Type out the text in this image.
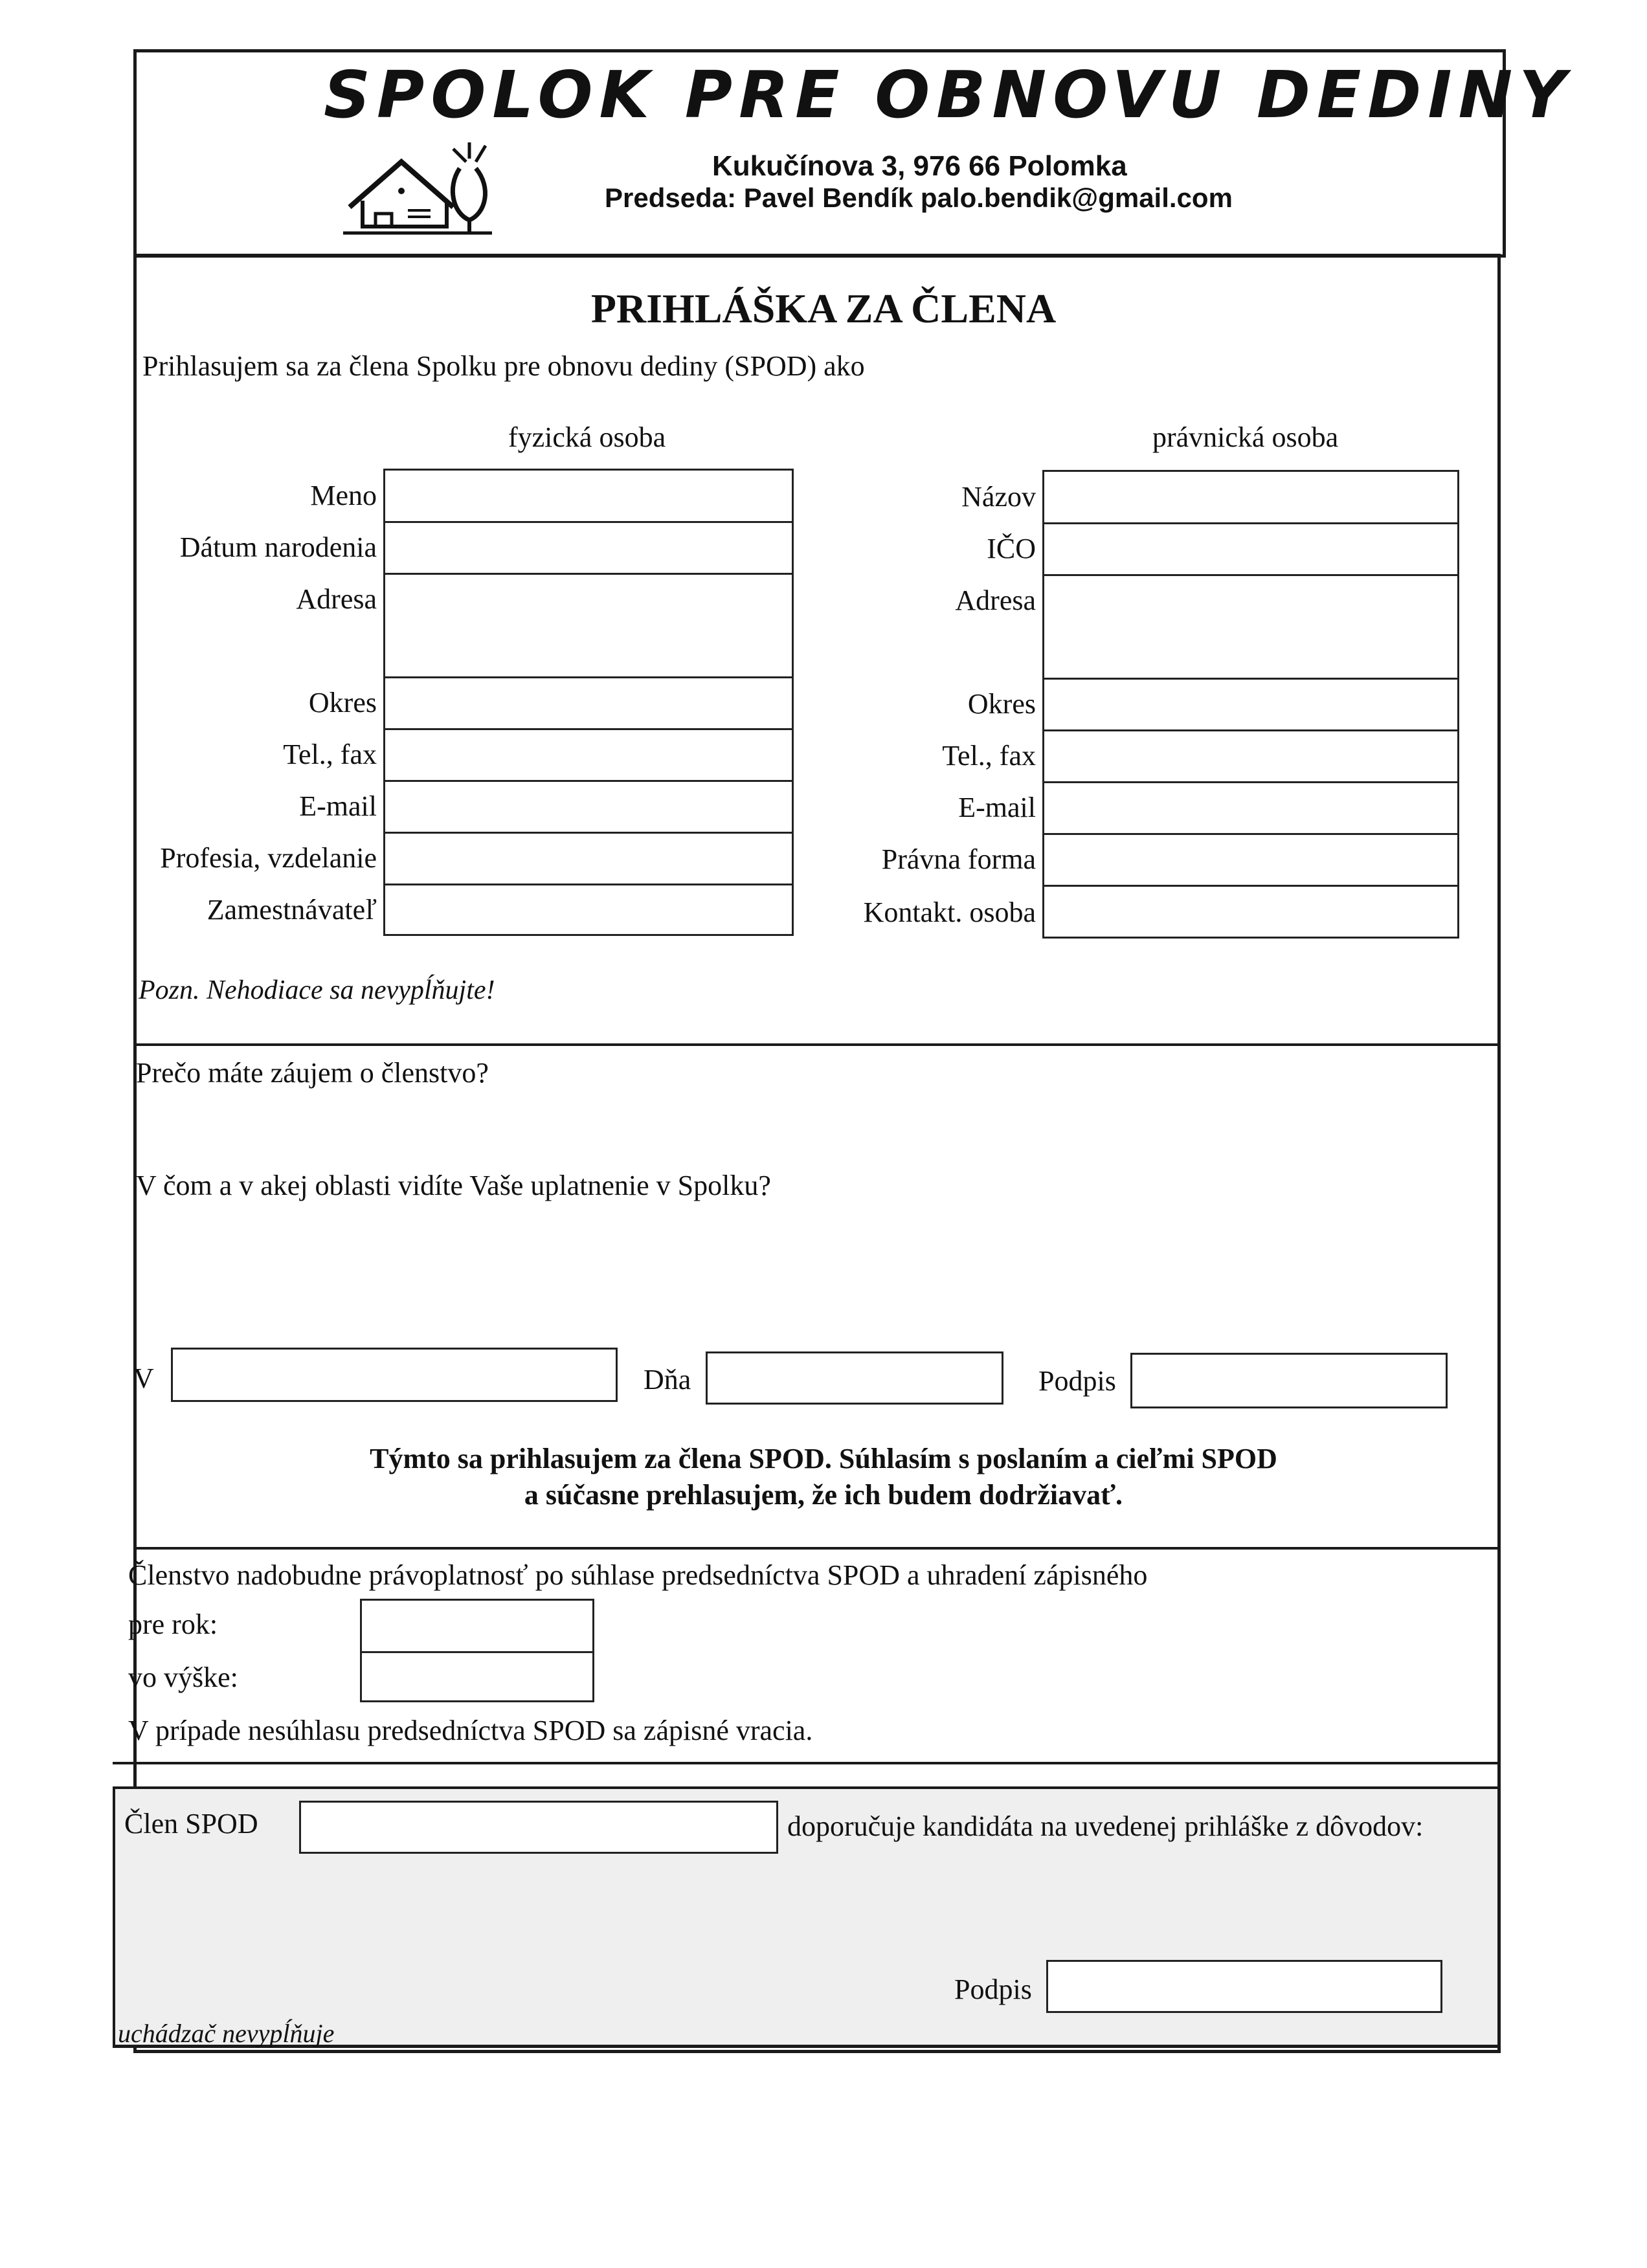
SPOLOK PRE OBNOVU DEDINY
Kukučínova 3, 976 66 Polomka
Predseda: Pavel Bendík palo.bendik@gmail.com
PRIHLÁŠKA ZA ČLENA
Prihlasujem sa za člena Spolku pre obnovu dediny (SPOD) ako
fyzická osoba	právnická osoba
Meno
Dátum narodenia
Adresa
Okres
Tel., fax
E-mail
Profesia, vzdelanie
Zamestnávateľ
Názov
IČO
Adresa
Okres
Tel., fax
E-mail
Právna forma
Kontakt. osoba
Pozn. Nehodiace sa nevypĺňujte!
Prečo máte záujem o členstvo?
V čom a v akej oblasti vidíte Vaše uplatnenie v Spolku?
V	Dňa	Podpis
Týmto sa prihlasujem za člena SPOD. Súhlasím s poslaním a cieľmi SPOD
a súčasne prehlasujem, že ich budem dodržiavať.
Členstvo nadobudne právoplatnosť po súhlase predsedníctva SPOD a uhradení zápisného
pre rok:
vo výške:
V prípade nesúhlasu predsedníctva SPOD sa zápisné vracia.
Člen SPOD	doporučuje kandidáta na uvedenej prihláške z dôvodov:
Podpis
uchádzač nevypĺňuje
